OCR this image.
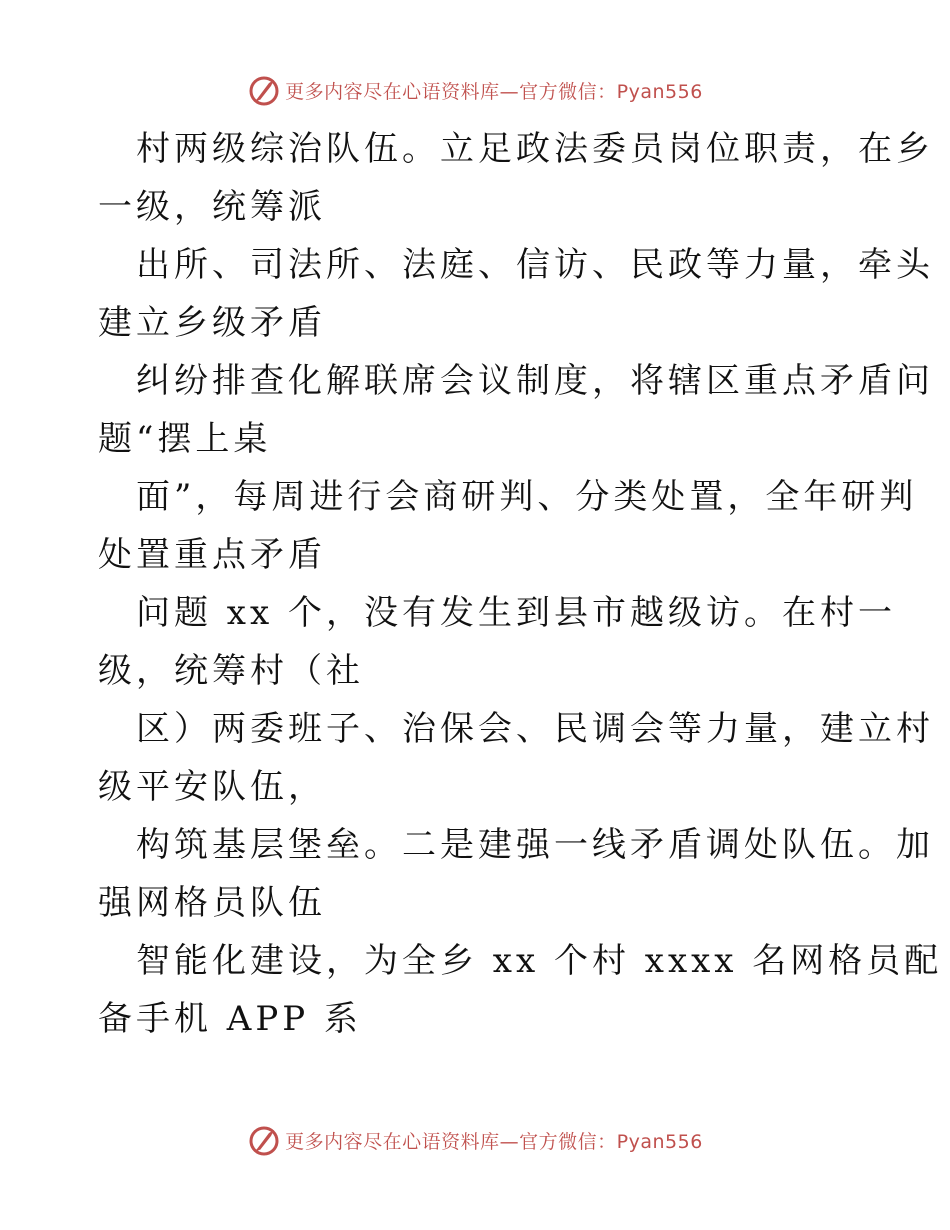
更多内容尽在心语资料库—官方微信：Pyan556
村两级综治队伍。立足政法委员岗位职责，在乡
一级，统筹派
出所、司法所、法庭、信访、民政等力量，牵头
建立乡级矛盾
纠纷排查化解联席会议制度，将辖区重点矛盾问
题“摆上桌
面”，每周进行会商研判、分类处置，全年研判
处置重点矛盾
问题 xx 个，没有发生到县市越级访。在村一
级，统筹村（社
区）两委班子、治保会、民调会等力量，建立村
级平安队伍，
构筑基层堡垒。二是建强一线矛盾调处队伍。加
强网格员队伍
智能化建设，为全乡 xx 个村 xxxx 名网格员配
备手机 APP 系
更多内容尽在心语资料库—官方微信：Pyan556
